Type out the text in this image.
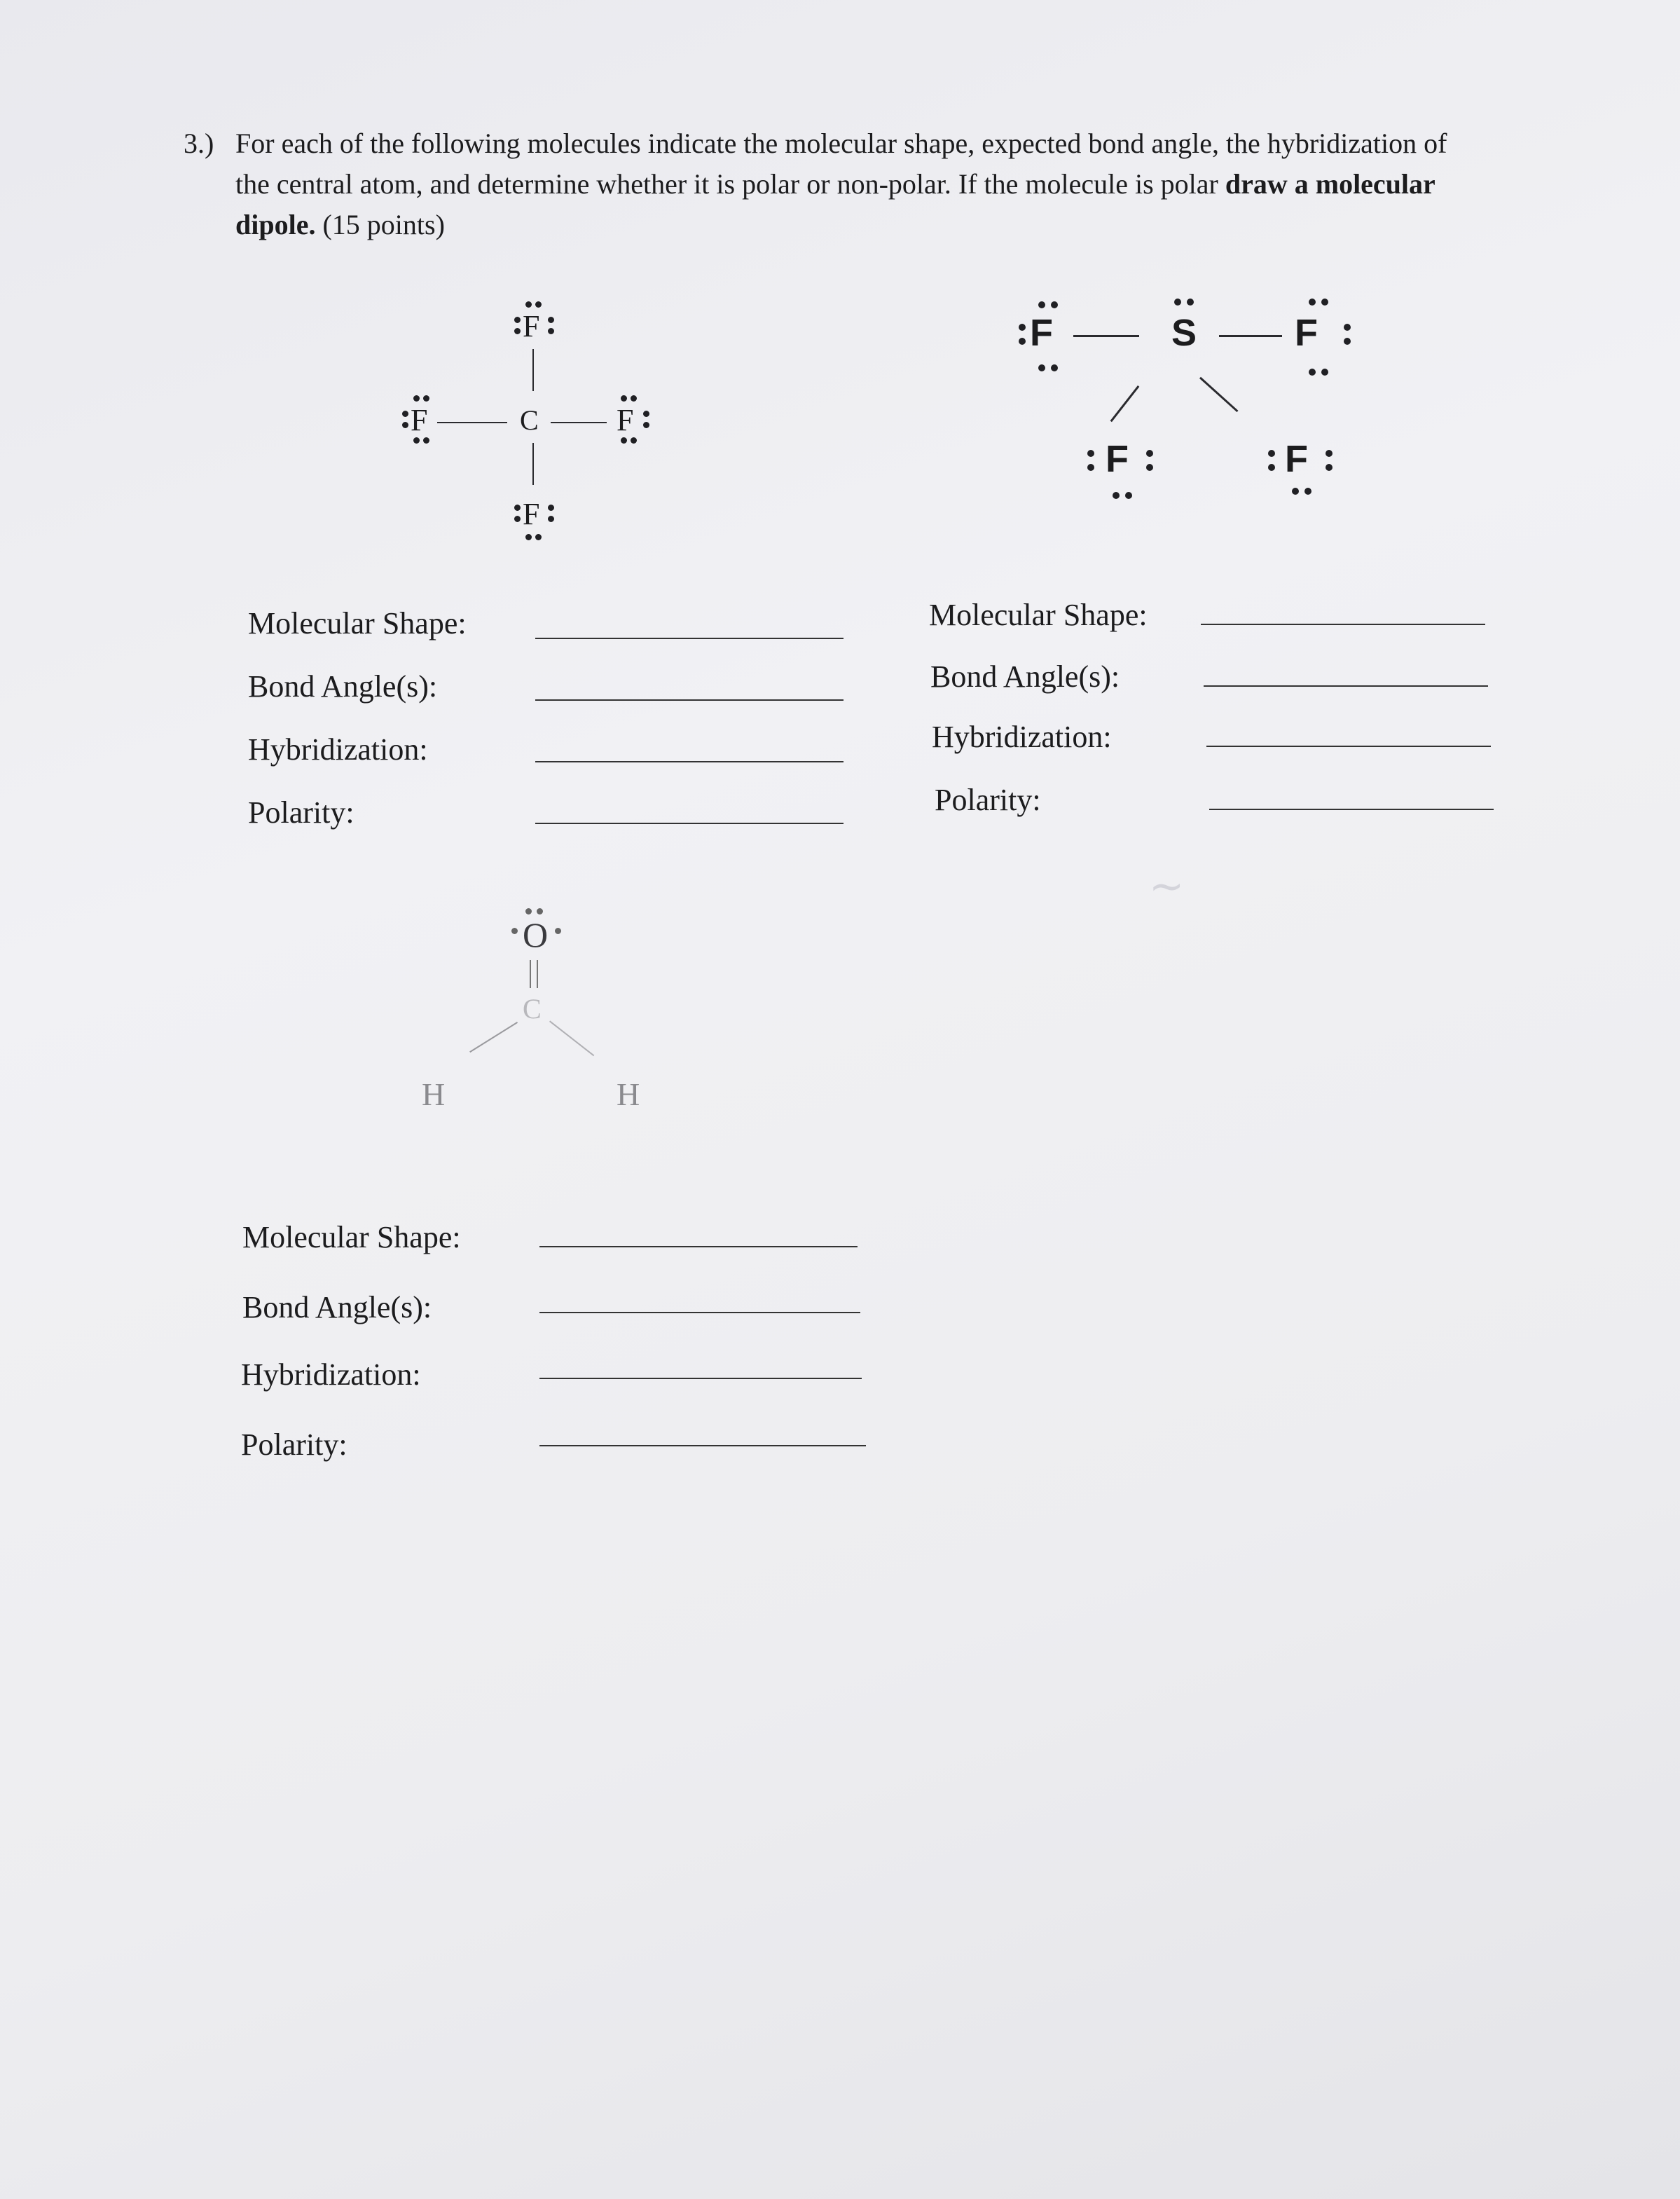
~
3.) For each of the following molecules indicate the molecular shape, expected bond angle, the hybridization of the central atom, and determine whether it is polar or non-polar. If the molecule is polar draw a molecular dipole. (15 points)
F
F	C	F
F
Molecular Shape:
Bond Angle(s):
Hybridization:
Polarity:
F	S	F
F	F
Molecular Shape:
Bond Angle(s):
Hybridization:
Polarity:
O
C
H	H
Molecular Shape:
Bond Angle(s):
Hybridization:
Polarity:
